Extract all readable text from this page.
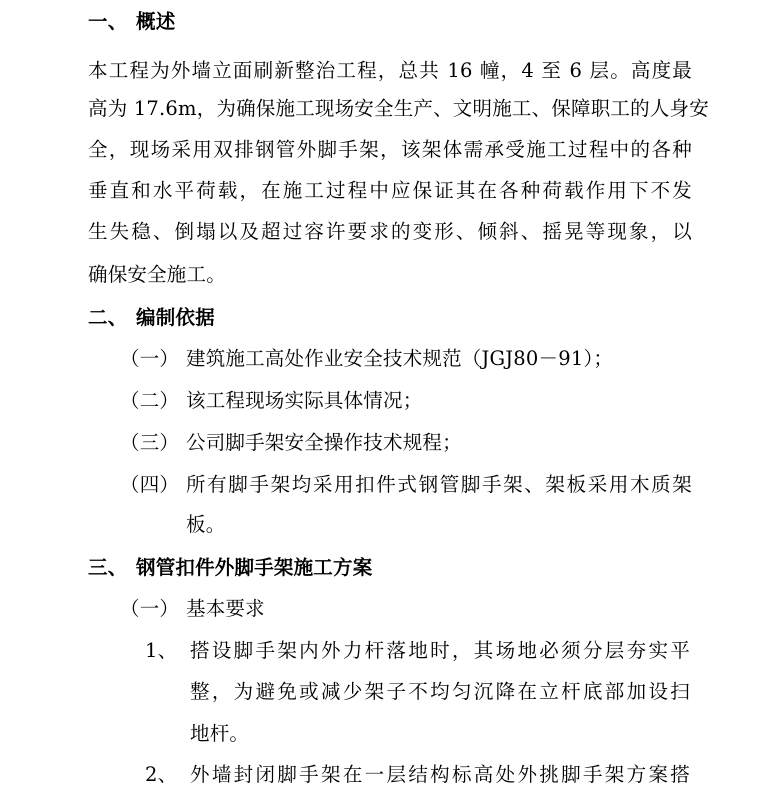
一、 概述
本工程为外墙立面刷新整治工程，总共 16 幢，4 至 6 层。高度最
高为 17.6m，为确保施工现场安全生产、文明施工、保障职工的人身安
全，现场采用双排钢管外脚手架，该架体需承受施工过程中的各种
垂直和水平荷载，在施工过程中应保证其在各种荷载作用下不发
生失稳、倒塌以及超过容许要求的变形、倾斜、摇晃等现象，以
确保安全施工。
二、 编制依据
（一） 建筑施工高处作业安全技术规范（JGJ80－91）；
（二） 该工程现场实际具体情况；
（三） 公司脚手架安全操作技术规程；
（四） 所有脚手架均采用扣件式钢管脚手架、架板采用木质架
板。
三、 钢管扣件外脚手架施工方案
（一） 基本要求
1、 搭设脚手架内外力杆落地时，其场地必须分层夯实平
整，为避免或减少架子不均匀沉降在立杆底部加设扫
地杆。
2、 外墙封闭脚手架在一层结构标高处外挑脚手架方案搭
